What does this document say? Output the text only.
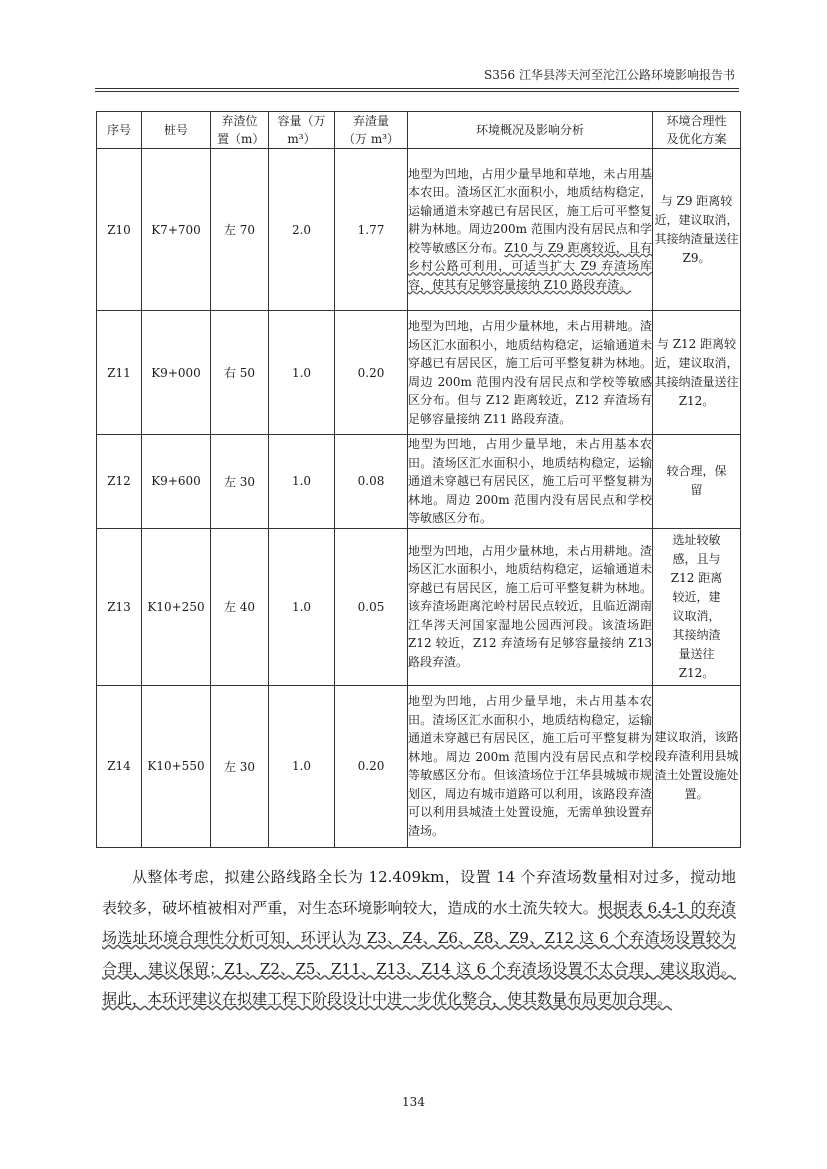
S356 江华县涔天河至沱江公路环境影响报告书
序号	桩号	弃渣位置（m）	容量（万 m³）	弃渣量（万 m³）	环境概况及影响分析	环境合理性及优化方案
Z10	K7+700	左 70	2.0	1.77	地型为凹地，占用少量旱地和草地，未占用基本农田。渣场区汇水面积小，地质结构稳定，运输通道未穿越已有居民区，施工后可平整复耕为林地。周边200m 范围内没有居民点和学校等敏感区分布。Z10 与 Z9 距离较近，且有乡村公路可利用，可适当扩大 Z9 弃渣场库容，使其有足够容量接纳 Z10 路段弃渣。	与 Z9 距离较近，建议取消，其接纳渣量送往 Z9。
Z11	K9+000	右 50	1.0	0.20	地型为凹地，占用少量林地，未占用耕地。渣场区汇水面积小，地质结构稳定，运输通道未穿越已有居民区，施工后可平整复耕为林地。周边 200m 范围内没有居民点和学校等敏感区分布。但与 Z12 距离较近，Z12 弃渣场有足够容量接纳 Z11 路段弃渣。	与 Z12 距离较近，建议取消，其接纳渣量送往 Z12。
Z12	K9+600	左 30	1.0	0.08	地型为凹地，占用少量旱地，未占用基本农田。渣场区汇水面积小，地质结构稳定，运输通道未穿越已有居民区，施工后可平整复耕为林地。周边 200m 范围内没有居民点和学校等敏感区分布。	较合理，保留
Z13	K10+250	左 40	1.0	0.05	地型为凹地，占用少量林地，未占用耕地。渣场区汇水面积小，地质结构稳定，运输通道未穿越已有居民区，施工后可平整复耕为林地。该弃渣场距离沱岭村居民点较近，且临近湖南江华涔天河国家湿地公园西河段。该渣场距 Z12 较近，Z12 弃渣场有足够容量接纳 Z13 路段弃渣。	选址较敏感，且与 Z12 距离较近，建议取消，其接纳渣量送往 Z12。
Z14	K10+550	左 30	1.0	0.20	地型为凹地，占用少量旱地，未占用基本农田。渣场区汇水面积小，地质结构稳定，运输通道未穿越已有居民区，施工后可平整复耕为林地。周边 200m 范围内没有居民点和学校等敏感区分布。但该渣场位于江华县城城市规划区，周边有城市道路可以利用，该路段弃渣可以利用县城渣土处置设施，无需单独设置弃渣场。	建议取消，该路段弃渣利用县城渣土处置设施处置。
从整体考虑，拟建公路线路全长为 12.409km，设置 14 个弃渣场数量相对过多，搅动地表较多，破坏植被相对严重，对生态环境影响较大，造成的水土流失较大。根据表 6.4-1 的弃渣场选址环境合理性分析可知，环评认为 Z3、Z4、Z6、Z8、Z9、Z12 这 6 个弃渣场设置较为合理，建议保留；Z1、Z2、Z5、Z11、Z13、Z14 这 6 个弃渣场设置不太合理，建议取消。据此，本环评建议在拟建工程下阶段设计中进一步优化整合，使其数量布局更加合理。
134
